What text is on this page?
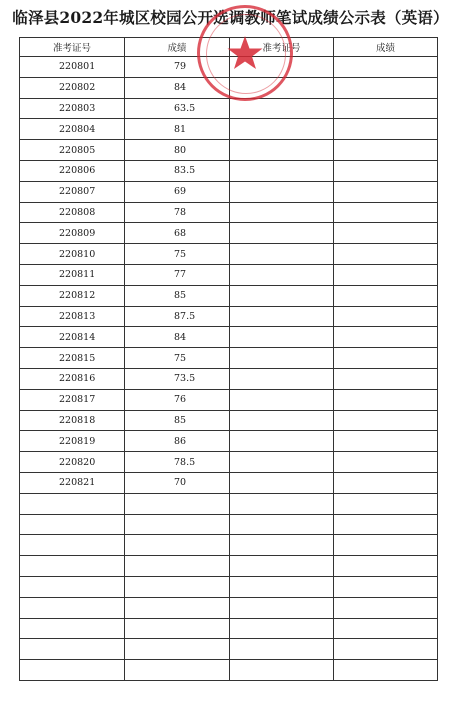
临泽县2022年城区校园公开选调教师笔试成绩公示表（英语）
准考证号	成绩	准考证号	成绩
220801	79		
220802	84		
220803	63.5		
220804	81		
220805	80		
220806	83.5		
220807	69		
220808	78		
220809	68		
220810	75		
220811	77		
220812	85		
220813	87.5		
220814	84		
220815	75		
220816	73.5		
220817	76		
220818	85		
220819	86		
220820	78.5		
220821	70		
